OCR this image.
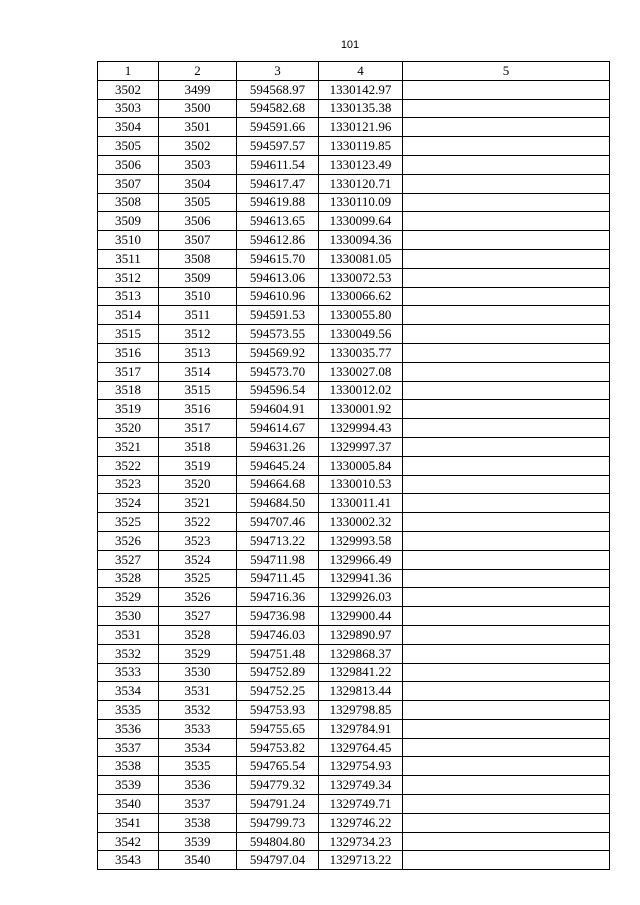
101
1	2	3	4	5
3502	3499	594568.97	1330142.97	
3503	3500	594582.68	1330135.38	
3504	3501	594591.66	1330121.96	
3505	3502	594597.57	1330119.85	
3506	3503	594611.54	1330123.49	
3507	3504	594617.47	1330120.71	
3508	3505	594619.88	1330110.09	
3509	3506	594613.65	1330099.64	
3510	3507	594612.86	1330094.36	
3511	3508	594615.70	1330081.05	
3512	3509	594613.06	1330072.53	
3513	3510	594610.96	1330066.62	
3514	3511	594591.53	1330055.80	
3515	3512	594573.55	1330049.56	
3516	3513	594569.92	1330035.77	
3517	3514	594573.70	1330027.08	
3518	3515	594596.54	1330012.02	
3519	3516	594604.91	1330001.92	
3520	3517	594614.67	1329994.43	
3521	3518	594631.26	1329997.37	
3522	3519	594645.24	1330005.84	
3523	3520	594664.68	1330010.53	
3524	3521	594684.50	1330011.41	
3525	3522	594707.46	1330002.32	
3526	3523	594713.22	1329993.58	
3527	3524	594711.98	1329966.49	
3528	3525	594711.45	1329941.36	
3529	3526	594716.36	1329926.03	
3530	3527	594736.98	1329900.44	
3531	3528	594746.03	1329890.97	
3532	3529	594751.48	1329868.37	
3533	3530	594752.89	1329841.22	
3534	3531	594752.25	1329813.44	
3535	3532	594753.93	1329798.85	
3536	3533	594755.65	1329784.91	
3537	3534	594753.82	1329764.45	
3538	3535	594765.54	1329754.93	
3539	3536	594779.32	1329749.34	
3540	3537	594791.24	1329749.71	
3541	3538	594799.73	1329746.22	
3542	3539	594804.80	1329734.23	
3543	3540	594797.04	1329713.22	
